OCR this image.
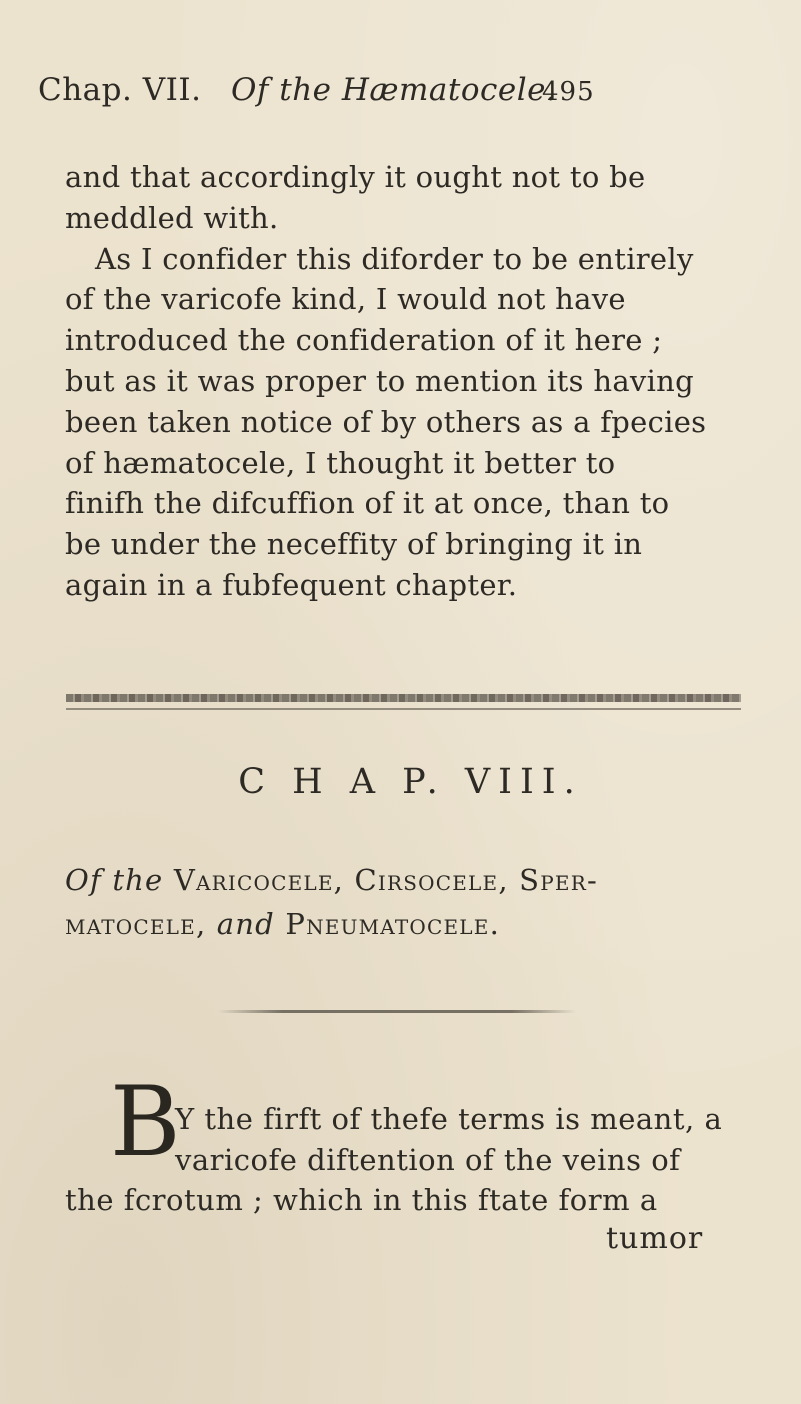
Chap. VII. Of the Hæmatocele.
495

and that accordingly it ought not to be
meddled with.

As I confider this diforder to be entirely
of the varicofe kind, I would not have
introduced the confideration of it here ;
but as it was proper to mention its having
been taken notice of by others as a fpecies
of hæmatocele, I thought it better to
finifh the difcuffion of it at once, than to
be under the neceffity of bringing it in
again in a fubfequent chapter.

C H A P. VIII.
Of the Varicocele, Cirsocele, Sper-
matocele, and Pneumatocele.
B
Y the firft of thefe terms is meant, a
varicofe diftention of the veins of
the fcrotum ; which in this ftate form a
tumor
